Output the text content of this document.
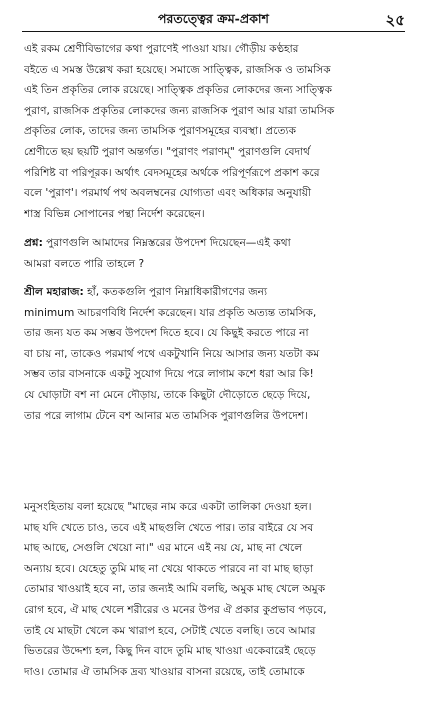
পরতত্ত্বের ক্রম-প্রকাশ	২৫
এই রকম শ্রেণীবিভাগের কথা পুরাণেই পাওয়া যায়। গৌড়ীয় কণ্ঠহার
বইতে এ সমস্ত উল্লেখ করা হয়েছে। সমাজে সাত্ত্বিক, রাজসিক ও তামসিক
এই তিন প্রকৃতির লোক রয়েছে। সাত্ত্বিক প্রকৃতির লোকদের জন্য সাত্ত্বিক
পুরাণ, রাজসিক প্রকৃতির লোকদের জন্য রাজসিক পুরাণ আর যারা তামসিক
প্রকৃতির লোক, তাদের জন্য তামসিক পুরাণসমূহের ব্যবস্থা। প্রত্যেক
শ্রেণীতে ছয় ছয়টি পুরাণ অন্তর্গত। "পুরাণং পরাণম্" পুরাণগুলি বেদার্থ
পরিশিষ্ট বা পরিপূরক। অর্থাৎ বেদসমূহের অর্থকে পরিপূর্ণরূপে প্রকাশ করে
বলে 'পুরাণ'। পরমার্থ পথ অবলম্বনের যোগ্যতা এবং অধিকার অনুযায়ী
শাস্ত্র বিভিন্ন সোপানের পন্থা নির্দেশ করেছেন।
প্রশ্ন: পুরাণগুলি আমাদের নিম্নস্তরের উপদেশ দিয়েছেন—এই কথা
আমরা বলতে পারি তাহলে ?
শ্রীল মহারাজ: হাঁ, কতকগুলি পুরাণ নিম্নাধিকারীগণের জন্য
minimum আচরণবিধি নির্দেশ করেছেন। যার প্রকৃতি অত্যন্ত তামসিক,
তার জন্য যত কম সম্ভব উপদেশ দিতে হবে। যে কিছুই করতে পারে না
বা চায় না, তাকেও পরমার্থ পথে একটুখানি নিয়ে আসার জন্য যতটা কম
সম্ভব তার বাসনাকে একটু সুযোগ দিয়ে পরে লাগাম কশে ধরা আর কি!
যে ঘোড়াটা বশ না মেনে দৌড়ায়, তাকে কিছুটা দৌড়োতে ছেড়ে দিয়ে,
তার পরে লাগাম টেনে বশ আনার মত তামসিক পুরাণগুলির উপদেশ।
মনুসংহিতায় বলা হয়েছে "মাছের নাম করে একটা তালিকা দেওয়া হল।
মাছ যদি খেতে চাও, তবে এই মাছগুলি খেতে পার। তার বাইরে যে সব
মাছ আছে, সেগুলি খেয়ো না।" এর মানে এই নয় যে, মাছ না খেলে
অন্যায় হবে। যেহেতু তুমি মাছ না খেয়ে থাকতে পারবে না বা মাছ ছাড়া
তোমার খাওয়াই হবে না, তার জন্যই আমি বলছি, অমুক মাছ খেলে অমুক
রোগ হবে, ঐ মাছ খেলে শরীরের ও মনের উপর ঐ প্রকার কুপ্রভাব পড়বে,
তাই যে মাছটা খেলে কম খারাপ হবে, সেটাই খেতে বলছি। তবে আমার
ভিতরের উদ্দেশ্য হল, কিছু দিন বাদে তুমি মাছ খাওয়া একেবারেই ছেড়ে
দাও। তোমার ঐ তামসিক দ্রব্য খাওয়ার বাসনা রয়েছে, তাই তোমাকে
